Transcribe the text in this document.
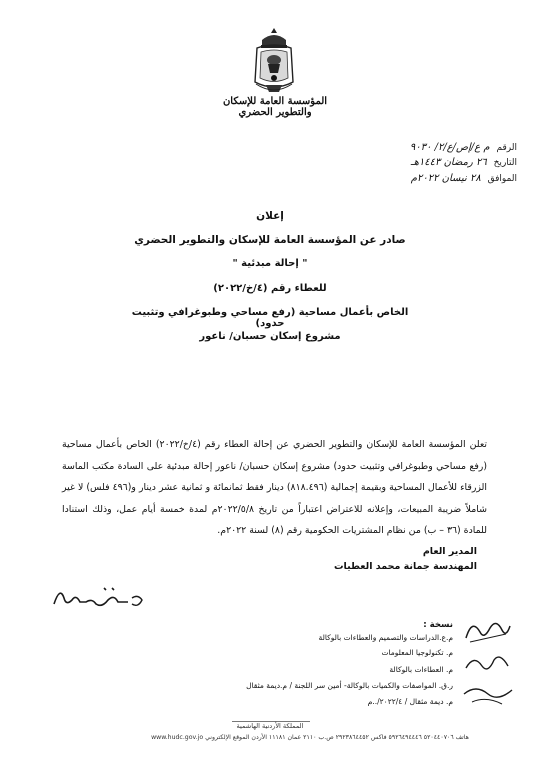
المؤسسة العامة للإسكان والتطوير الحضري
الرقم م ع/إص/ع/٢/ ٩٠٣٠
التاريخ ٢٦ رمضان ١٤٤٣هـ
الموافق ٢٨ نيسان ٢٠٢٢م
إعلان
صادر عن المؤسسة العامة للإسكان والتطوير الحضري
" إحالة مبدئية "
للعطاء رقم (٤/خ/٢٠٢٢)
الخاص بأعمال مساحية (رفع مساحي وطبوغرافي وتثبيت حدود)
مشروع إسكان حسبان/ ناعور
تعلن المؤسسة العامة للإسكان والتطوير الحضري عن إحالة العطاء رقم (٤/خ/٢٠٢٢) الخاص بأعمال مساحية (رفع مساحي وطبوغرافي وتثبيت حدود) مشروع إسكان حسبان/ ناعور إحالة مبدئية على السادة مكتب الماسة الزرقاء للأعمال المساحية وبقيمة إجمالية (٨١٨.٤٩٦) دينار فقط ثمانمائة و ثمانية عشر دينار و(٤٩٦ فلس) لا غير شاملاً ضريبة المبيعات، وإعلانه للاعتراض اعتباراً من تاريخ ٢٠٢٢/٥/٨م لمدة خمسة أيام عمل، وذلك استنادا للمادة (٣٦ – ب) من نظام المشتريات الحكومية رقم (٨) لسنة ٢٠٢٢م.
المدير العام
المهندسة جمانة محمد العطيات
نسخة :
م.ع.الدراسات والتصميم والعطاءات بالوكالة
م. تكنولوجيا المعلومات
م. العطاءات بالوكالة
ر.ق. المواصفات والكميات بالوكالة- أمين سر اللجنة / م.ديمة مثقال
م. ديمة مثقال / ٢٠٢٢/٤/..م
المملكة الأردنية الهاشمية
هاتف ٥٢٠٤٤٠٧٠٦ ٥٩٢٦٤٩٤٤٤٦ فاكس ٢٩٢٣٨٦٤٤٥٢ ص.ب ٢١١٠ عمان ١١١٨١ الأردن الموقع الإلكتروني www.hudc.gov.jo
